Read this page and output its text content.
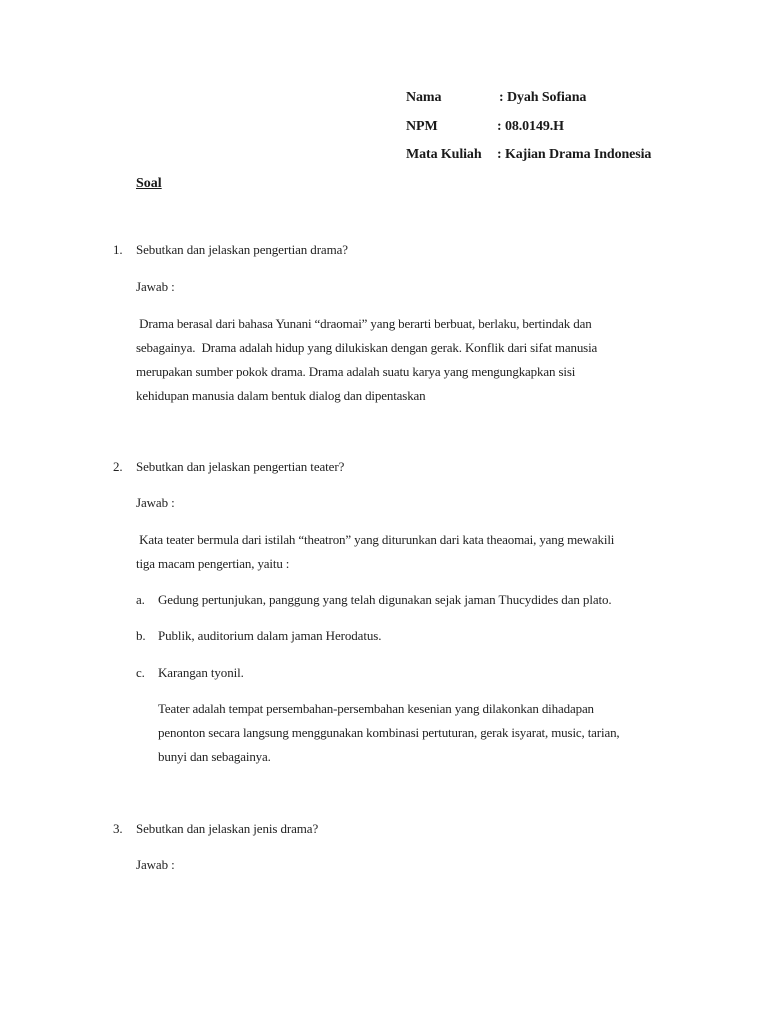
Nama	: Dyah Sofiana
NPM	: 08.0149.H
Mata Kuliah : Kajian Drama Indonesia
Soal
1. Sebutkan dan jelaskan pengertian drama?
Jawab :
Drama berasal dari bahasa Yunani “draomai” yang berarti berbuat, berlaku, bertindak dan
sebagainya.  Drama adalah hidup yang dilukiskan dengan gerak. Konflik dari sifat manusia
merupakan sumber pokok drama. Drama adalah suatu karya yang mengungkapkan sisi
kehidupan manusia dalam bentuk dialog dan dipentaskan
2. Sebutkan dan jelaskan pengertian teater?
Jawab :
Kata teater bermula dari istilah “theatron” yang diturunkan dari kata theaomai, yang mewakili
tiga macam pengertian, yaitu :
a. Gedung pertunjukan, panggung yang telah digunakan sejak jaman Thucydides dan plato.
b. Publik, auditorium dalam jaman Herodatus.
c. Karangan tyonil.
Teater adalah tempat persembahan-persembahan kesenian yang dilakonkan dihadapan
penonton secara langsung menggunakan kombinasi pertuturan, gerak isyarat, music, tarian,
bunyi dan sebagainya.
3. Sebutkan dan jelaskan jenis drama?
Jawab :
